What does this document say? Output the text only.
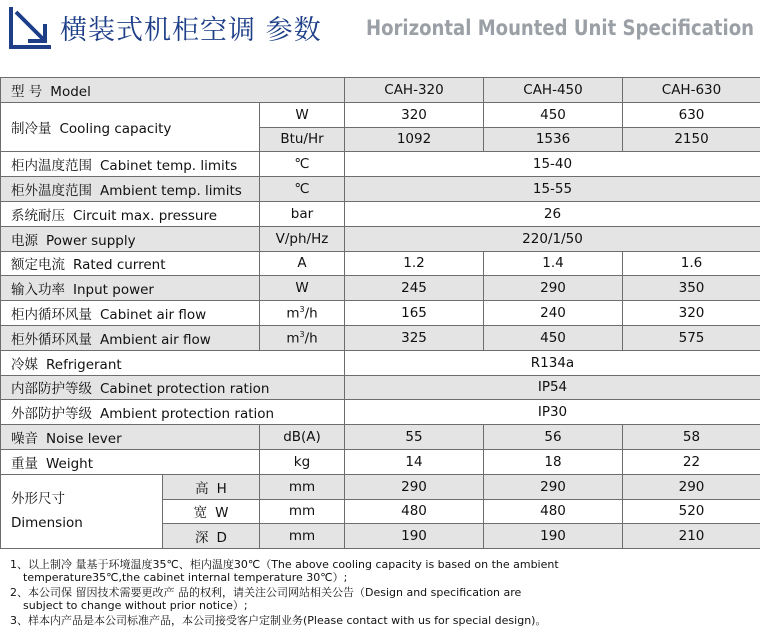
横装式机柜空调 参数 Horizontal Mounted Unit Specification
型 号 Model			CAH-320	CAH-450	CAH-630
制冷量 Cooling capacity		W	320	450	630
		Btu/Hr	1092	1536	2150
柜内温度范围 Cabinet temp. limits		℃	15-40		
柜外温度范围 Ambient temp. limits		℃	15-55		
系统耐压 Circuit max. pressure		bar	26		
电源 Power supply		V/ph/Hz	220/1/50		
额定电流 Rated current		A	1.2	1.4	1.6
输入功率 Input power		W	245	290	350
柜内循环风量 Cabinet air flow		$m^3/h$	165	240	320
柜外循环风量 Ambient air flow		$m^3/h$	325	450	575
冷媒 Refrigerant			R134a		
内部防护等级 Cabinet protection ration			IP54		
外部防护等级 Ambient protection ration			IP30		
噪音 Noise lever		dB(A)	55	56	58
重量 Weight		kg	14	18	22

外形尺寸
Dimension	高 H	mm	290	290	290
	宽 W	mm	480	480	520
	深 D	mm	190	190	210
1、以上制冷 量基于环境温度35℃、柜内温度30℃（The above cooling capacity is based on the ambient
temperature35℃,the cabinet internal temperature 30℃）;
2、本公司保 留因技术需要更改产 品的权利，请关注公司网站相关公告（Design and specification are
subject to change without prior notice）;
3、样本内产品是本公司标准产品，本公司接受客户定制业务(Please contact with us for special design)。
